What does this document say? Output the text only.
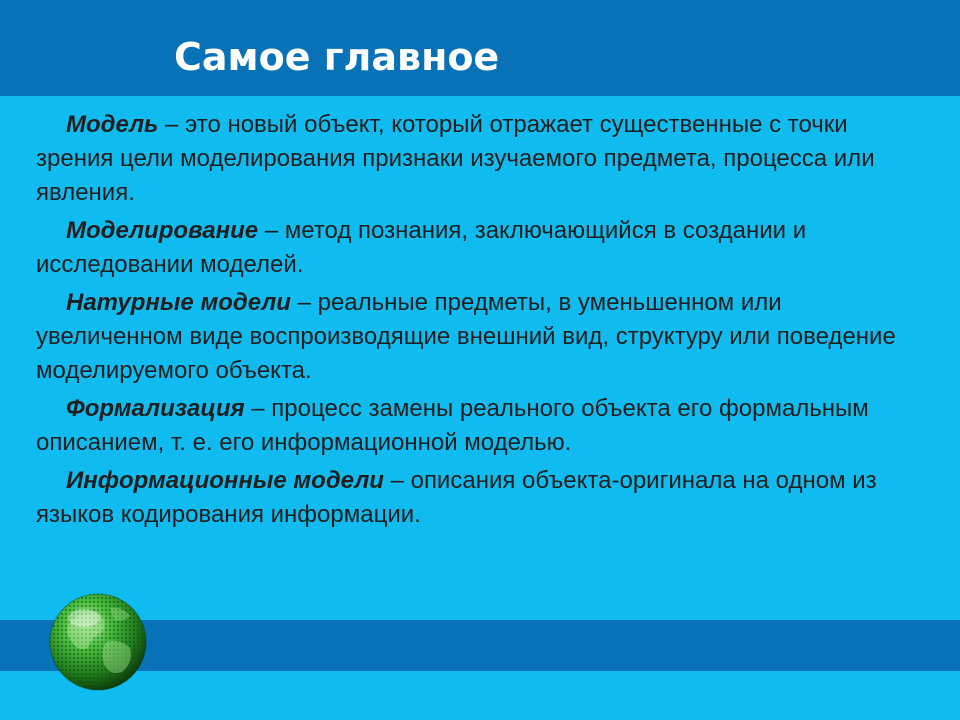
Самое главное

Модель – это новый объект, который отражает существенные с точки зрения цели моделирования признаки изучаемого предмета, процесса или явления.

Моделирование – метод познания, заключающийся в создании и исследовании моделей.

Натурные модели – реальные предметы, в уменьшенном или увеличенном виде воспроизводящие внешний вид, структуру или поведение моделируемого объекта.

Формализация – процесс замены реального объекта его формальным описанием, т. е. его информационной моделью.

Информационные модели – описания объекта-оригинала на одном из языков кодирования информации.
